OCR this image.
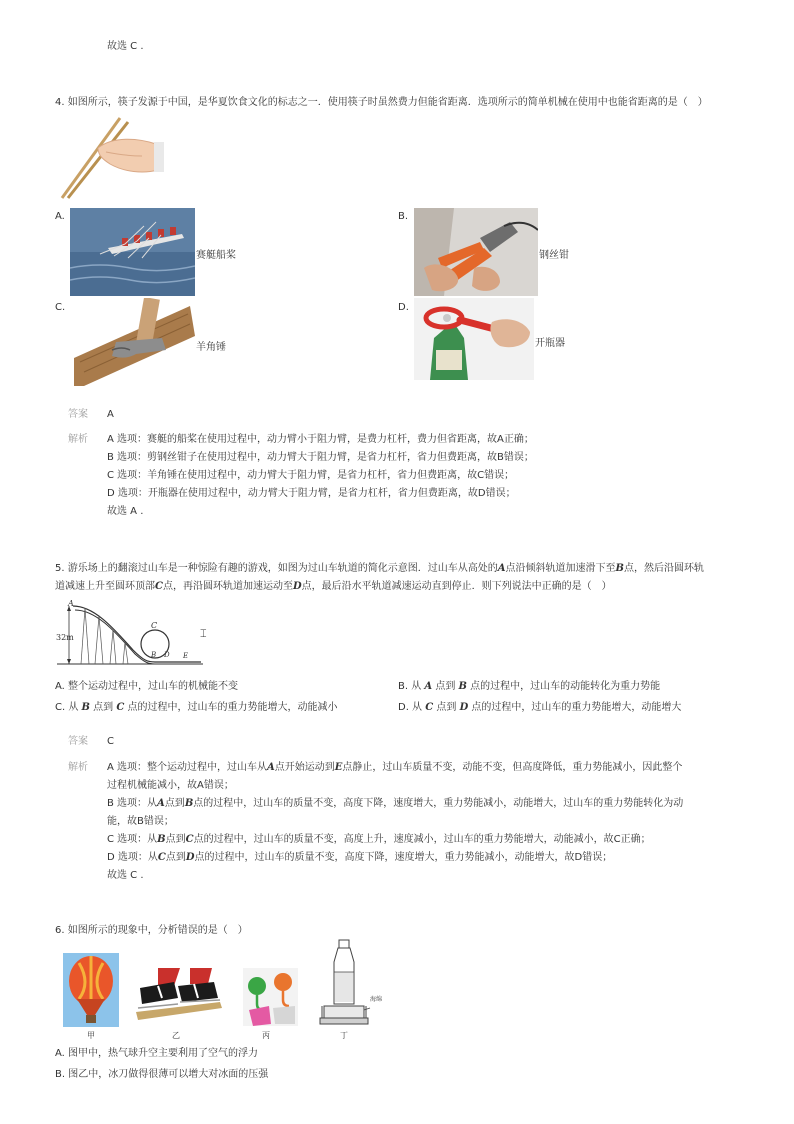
故选 C .
4. 如图所示，筷子发源于中国，是华夏饮食文化的标志之一．使用筷子时虽然费力但能省距离．选项所示的简单机械在使用中也能省距离的是（　）
A.
赛艇船桨
B.
钢丝钳
C.
羊角锤
D.
开瓶器
答案 A
解析 A 选项：赛艇的船桨在使用过程中，动力臂小于阻力臂，是费力杠杆，费力但省距离，故A正确；
B 选项：剪钢丝钳子在使用过程中，动力臂大于阻力臂，是省力杠杆，省力但费距离，故B错误；
C 选项：羊角锤在使用过程中，动力臂大于阻力臂，是省力杠杆，省力但费距离，故C错误；
D 选项：开瓶器在使用过程中，动力臂大于阻力臂，是省力杠杆，省力但费距离，故D错误；
故选 A .
5. 游乐场上的翻滚过山车是一种惊险有趣的游戏，如图为过山车轨道的简化示意图．过山车从高处的A点沿倾斜轨道加速滑下至B点，然后沿圆环轨
道减速上升至圆环顶部C点，再沿圆环轨道加速运动至D点，最后沿水平轨道减速运动直到停止．则下列说法中正确的是（　）
32m
A
C
B D E
⌶
A. 整个运动过程中，过山车的机械能不变	B. 从 A 点到 B 点的过程中，过山车的动能转化为重力势能
C. 从 B 点到 C 点的过程中，过山车的重力势能增大，动能减小	D. 从 C 点到 D 点的过程中，过山车的重力势能增大，动能增大
答案 C
解析 A 选项：整个运动过程中，过山车从A点开始运动到E点静止，过山车质量不变，动能不变，但高度降低，重力势能减小，因此整个
过程机械能减小，故A错误；
B 选项：从A点到B点的过程中，过山车的质量不变，高度下降，速度增大，重力势能减小，动能增大，过山车的重力势能转化为动
能，故B错误；
C 选项：从B点到C点的过程中，过山车的质量不变，高度上升，速度减小，过山车的重力势能增大，动能减小，故C正确；
D 选项：从C点到D点的过程中，过山车的质量不变，高度下降，速度增大，重力势能减小，动能增大，故D错误；
故选 C .
6. 如图所示的现象中，分析错误的是（　）
甲	乙	丙
海绵
丁
A. 图甲中，热气球升空主要利用了空气的浮力
B. 图乙中，冰刀做得很薄可以增大对冰面的压强
